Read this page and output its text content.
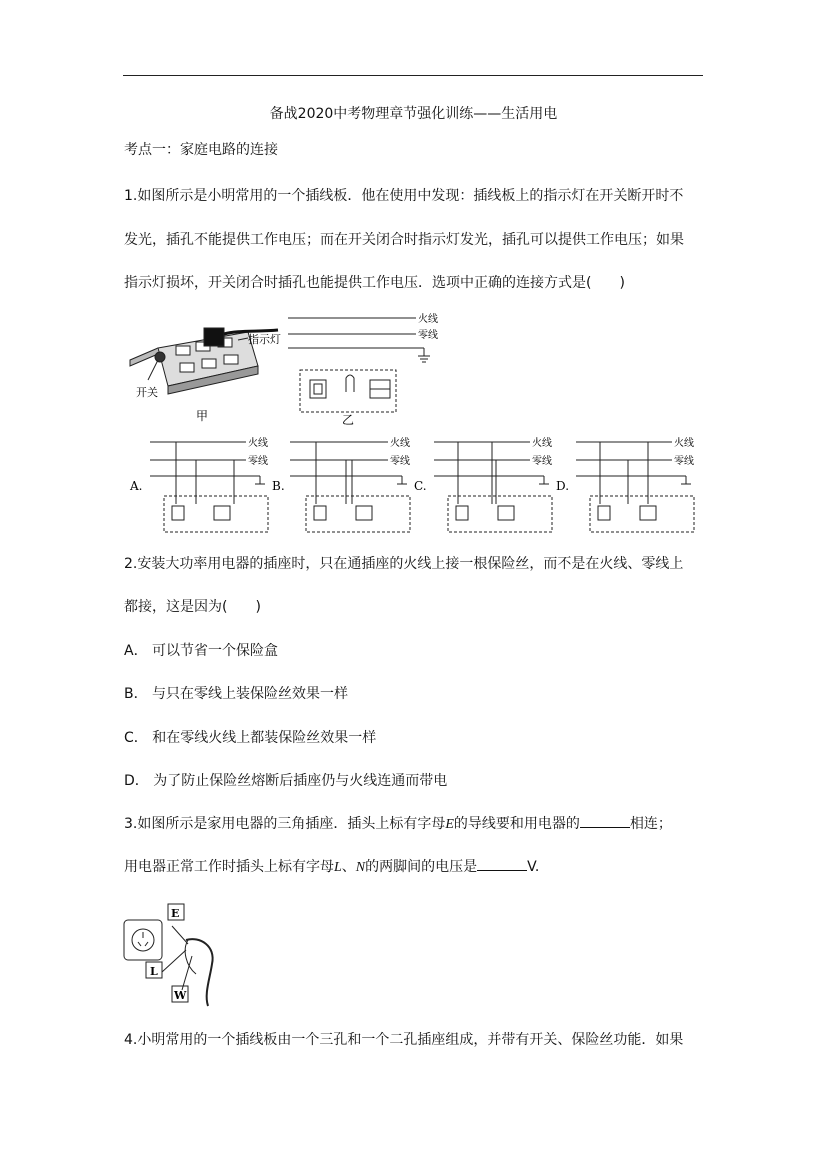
备战2020中考物理章节强化训练——生活用电
考点一：家庭电路的连接
1.如图所示是小明常用的一个插线板．他在使用中发现：插线板上的指示灯在开关断开时不
发光，插孔不能提供工作电压；而在开关闭合时指示灯发光，插孔可以提供工作电压；如果
指示灯损坏，开关闭合时插孔也能提供工作电压．选项中正确的连接方式是(　　)
指示灯
开关
甲
火线
零线
乙
火线
零线
火线
零线
火线
零线
火线
零线
A.	B.	C.	D.
2.安装大功率用电器的插座时，只在通插座的火线上接一根保险丝，而不是在火线、零线上
都接，这是因为(　　)
A． 可以节省一个保险盒
B． 与只在零线上装保险丝效果一样
C． 和在零线火线上都装保险丝效果一样
D． 为了防止保险丝熔断后插座仍与火线连通而带电
3.如图所示是家用电器的三角插座．插头上标有字母E的导线要和用电器的	相连；
用电器正常工作时插头上标有字母L、N的两脚间的电压是	V.
E
L
W
4.小明常用的一个插线板由一个三孔和一个二孔插座组成，并带有开关、保险丝功能．如果
